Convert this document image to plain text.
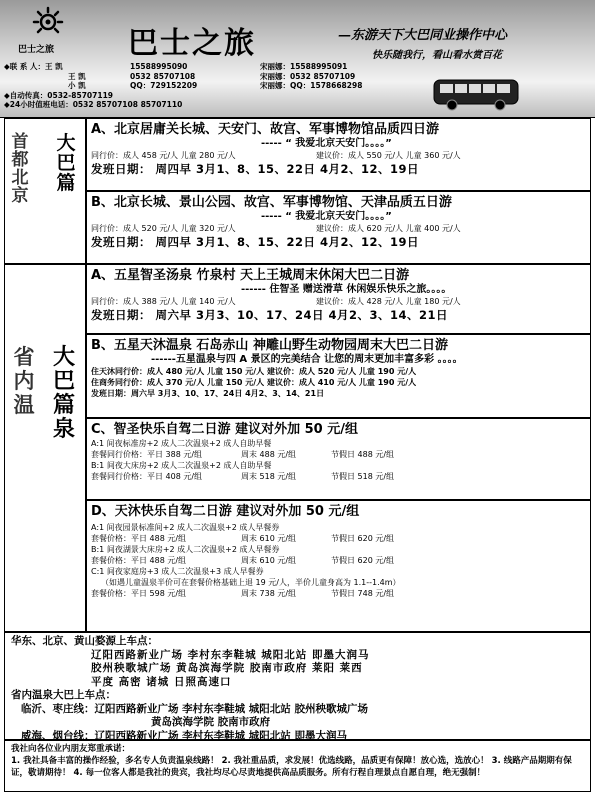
巴士之旅 巴士之旅	—东游天下大巴同业操作中心
快乐随我行，看山看水赏百花
◆联 系 人：王 凯	15588995090	宋丽娜：15588995091
王 凯	0532 85707108	宋丽娜：0532 85707109
小 凯	QQ：729152209	宋丽娜：QQ：1578668298
◆自动传真： 0532-85707119
◆24小时值班电话： 0532 85707108 85707110
首
都
北
京
大
巴
篇
省
内
温
大
巴
篇
泉
A、北京居庸关长城、天安门、故宫、军事博物馆品质四日游
----- “ 我爱北京天安门。。。。”
同行价：成人 458 元/人 儿童 280 元/人	建议价：成人 550 元/人 儿童 360 元/人
发班日期： 周四早 3月1、8、15、22日 4月2、12、19日
B、北京长城、景山公园、故宫、军事博物馆、天津品质五日游
----- “ 我爱北京天安门。。。。”
同行价：成人 520 元/人 儿童 320 元/人	建议价：成人 620 元/人 儿童 400 元/人
发班日期： 周四早 3月1、8、15、22日 4月2、12、19日
A、五星智圣汤泉 竹泉村 天上王城周末休闲大巴二日游
------ 住智圣 赠送滑草 休闲娱乐快乐之旅。。。。
同行价：成人 388 元/人 儿童 140 元/人	建议价：成人 428 元/人 儿童 180 元/人
发班日期： 周六早 3月3、10、17、24日 4月2、3、14、21日
B、五星天沐温泉 石岛赤山 神雕山野生动物园周末大巴二日游
------五星温泉与四 A 景区的完美结合 让您的周末更加丰富多彩 。。。。
住天沐同行价：成人 480 元/人 儿童 150 元/人 建议价：成人 520 元/人 儿童 190 元/人
住商务同行价：成人 370 元/人 儿童 150 元/人 建议价：成人 410 元/人 儿童 190 元/人
发班日期：周六早 3月3、10、17、24日 4月2、3、14、21日
C、智圣快乐自驾二日游 建议对外加 50 元/组
A:1 间夜标准房+2 成人二次温泉+2 成人自助早餐
套餐同行价格：平日 388 元/组	周末 488 元/组	节假日 488 元/组
B:1 间夜大床房+2 成人二次温泉+2 成人自助早餐
套餐同行价格：平日 408 元/组	周末 518 元/组	节假日 518 元/组
D、天沐快乐自驾二日游 建议对外加 50 元/组
A:1 间夜园景标准间+2 成人二次温泉+2 成人早餐券
套餐价格：平日 488 元/组	周末 610 元/组	节假日 620 元/组
B:1 间夜湖景大床房+2 成人二次温泉+2 成人早餐券
套餐价格：平日 488 元/组	周末 610 元/组	节假日 620 元/组
C:1 间夜家庭房+3 成人二次温泉+3 成人早餐券
（如遇儿童温泉半价可在套餐价格基础上退 19 元/人，半价儿童身高为 1.1--1.4m）
套餐价格：平日 598 元/组	周末 738 元/组	节假日 748 元/组
华东、北京、黄山婺源上车点：
辽阳西路新业广场 李村东李鞋城 城阳北站 即墨大润马
胶州秧歌城广场 黄岛滨海学院 胶南市政府 莱阳 莱西
平度 高密 诸城 日照高速口
省内温泉大巴上车点：
临沂、枣庄线：辽阳西路新业广场 李村东李鞋城 城阳北站 胶州秧歌城广场
黄岛滨海学院 胶南市政府
威海、烟台线：辽阳西路新业广场 李村东李鞋城 城阳北站 即墨大润马
我社向各位业内朋友郑重承诺：
1. 我社具备丰富的操作经验，多名专人负责温泉线路！ 2. 我社重品质，求发展！优选线路，品质更有保障！放心选，选放心！ 3. 线路产品期期有保证，敬请期待！ 4. 每一位客人都是我社的贵宾，我社均尽心尽责地提供高品质服务。所有行程自理景点自愿自理，绝无强制！
